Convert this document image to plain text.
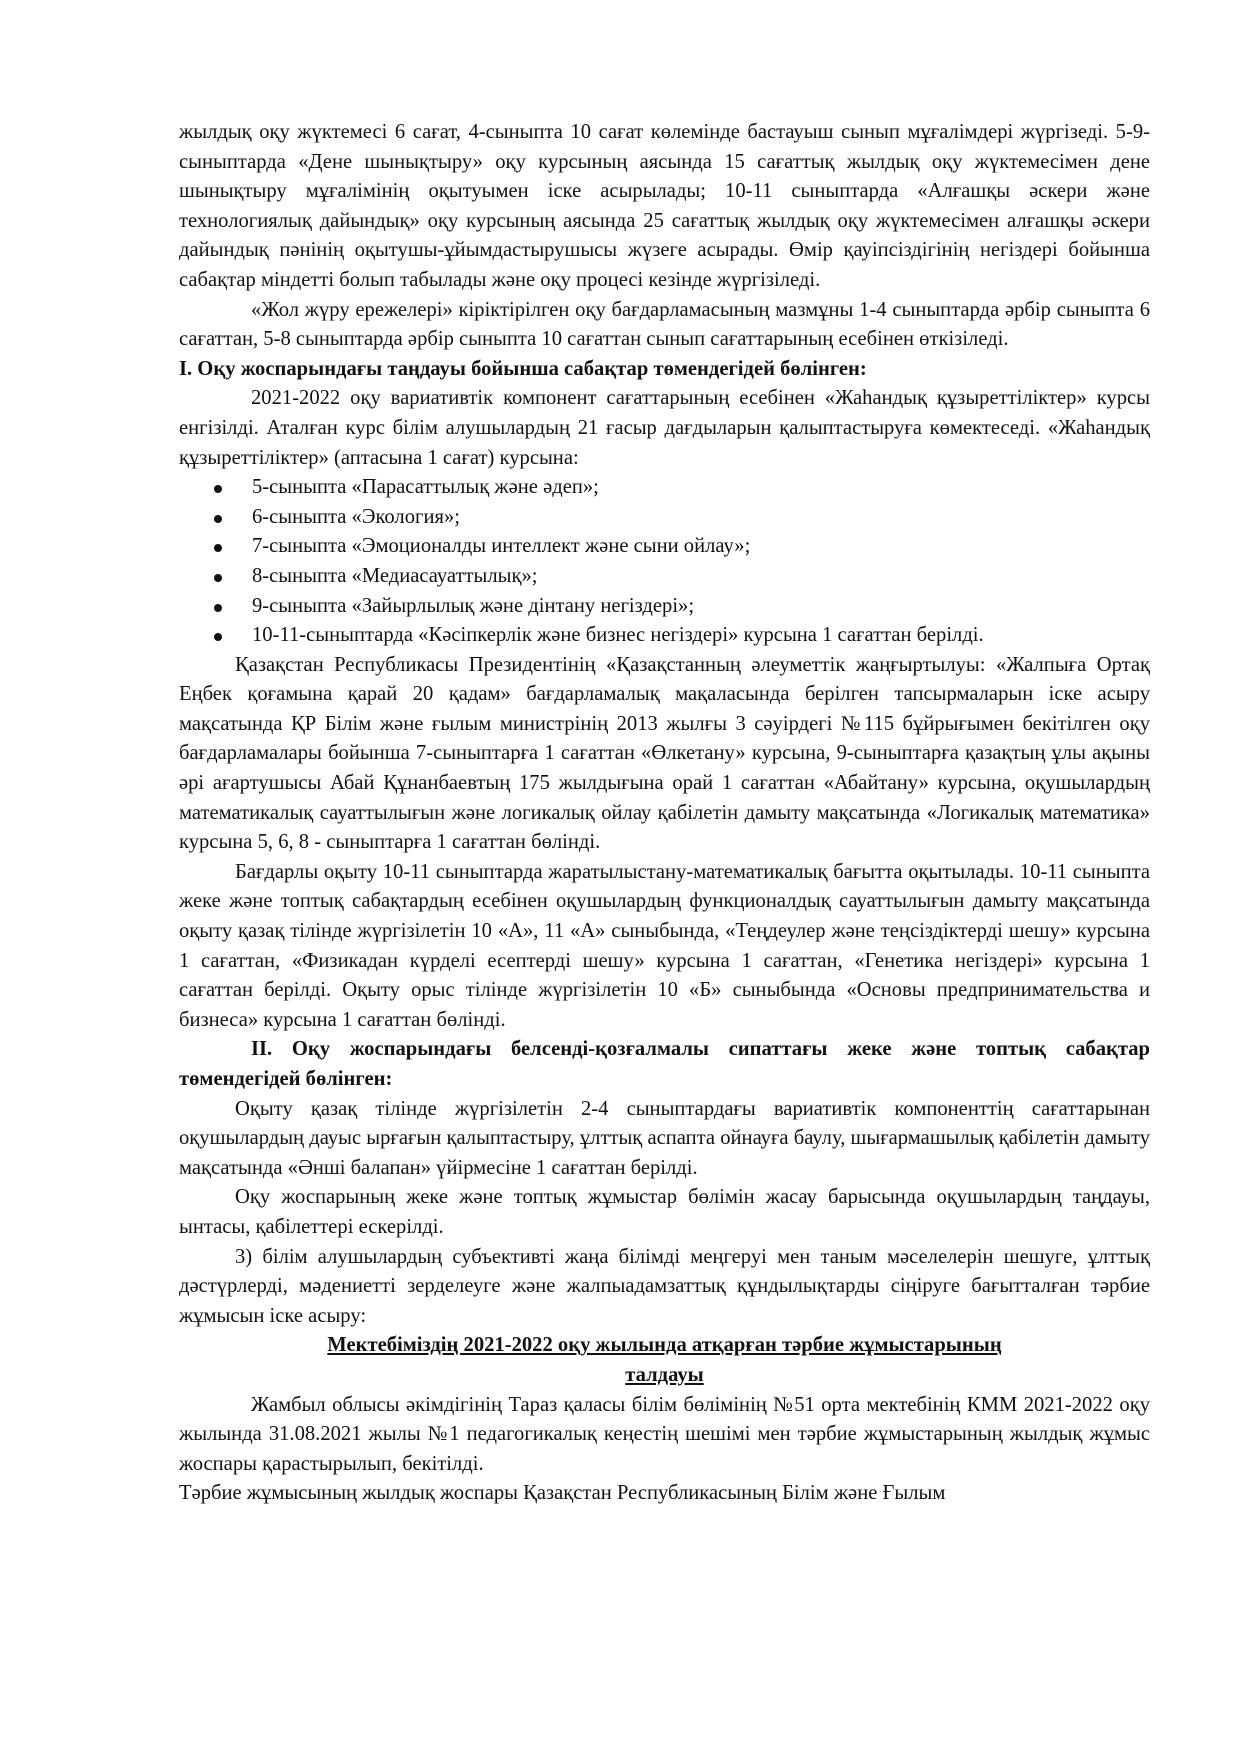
жылдық оқу жүктемесі 6 сағат, 4-сыныпта 10 сағат көлемінде бастауыш сынып мұғалімдері жүргізеді. 5-9-сыныптарда «Дене шынықтыру» оқу курсының аясында 15 сағаттық жылдық оқу жүктемесімен дене шынықтыру мұғалімінің оқытуымен іске асырылады; 10-11 сыныптарда «Алғашқы әскери және технологиялық дайындық» оқу курсының аясында 25 сағаттық жылдық оқу жүктемесімен алғашқы әскери дайындық пәнінің оқытушы-ұйымдастырушысы жүзеге асырады. Өмір қауіпсіздігінің негіздері бойынша сабақтар міндетті болып табылады және оқу процесі кезінде жүргізіледі.

«Жол жүру ережелері» кіріктірілген оқу бағдарламасының мазмұны 1-4 сыныптарда әрбір сыныпта 6 сағаттан, 5-8 сыныптарда әрбір сыныпта 10 сағаттан сынып сағаттарының есебінен өткізіледі.

І. Оқу жоспарындағы таңдауы бойынша сабақтар төмендегідей бөлінген:

2021-2022 оқу вариативтік компонент сағаттарының есебінен «Жаһандық құзыреттіліктер» курсы енгізілді. Аталған курс білім алушылардың 21 ғасыр дағдыларын қалыптастыруға көмектеседі. «Жаһандық құзыреттіліктер» (аптасына 1 сағат) курсына:

5-сыныпта «Парасаттылық және әдеп»;
6-сыныпта «Экология»;
7-сыныпта «Эмоционалды интеллект және сыни ойлау»;
8-сыныпта «Медиасауаттылық»;
9-сыныпта «Зайырлылық және дінтану негіздері»;
10-11-сыныптарда «Кәсіпкерлік және бизнес негіздері» курсына 1 сағаттан берілді.

Қазақстан Республикасы Президентінің «Қазақстанның әлеуметтік жаңғыртылуы: «Жалпыға Ортақ Еңбек қоғамына қарай 20 қадам» бағдарламалық мақаласында берілген тапсырмаларын іске асыру мақсатында ҚР Білім және ғылым министрінің 2013 жылғы 3 сәуірдегі №115 бұйрығымен бекітілген оқу бағдарламалары бойынша 7-сыныптарға 1 сағаттан «Өлкетану» курсына, 9-сыныптарға қазақтың ұлы ақыны әрі ағартушысы Абай Құнанбаевтың 175 жылдығына орай 1 сағаттан «Абайтану» курсына, оқушылардың математикалық сауаттылығын және логикалық ойлау қабілетін дамыту мақсатында «Логикалық математика» курсына 5, 6, 8 - сыныптарға 1 сағаттан бөлінді.

Бағдарлы оқыту 10-11 сыныптарда жаратылыстану-математикалық бағытта оқытылады. 10-11 сыныпта жеке және топтық сабақтардың есебінен оқушылардың функционалдық сауаттылығын дамыту мақсатында оқыту қазақ тілінде жүргізілетін 10 «А», 11 «А» сыныбында, «Теңдеулер және теңсіздіктерді шешу» курсына 1 сағаттан, «Физикадан күрделі есептерді шешу» курсына 1 сағаттан, «Генетика негіздері» курсына 1 сағаттан берілді. Оқыту орыс тілінде жүргізілетін 10 «Б» сыныбында «Основы предпринимательства и бизнеса» курсына 1 сағаттан бөлінді.

ІІ. Оқу жоспарындағы белсенді-қозғалмалы сипаттағы жеке және топтық сабақтар төмендегідей бөлінген:

Оқыту қазақ тілінде жүргізілетін 2-4 сыныптардағы вариативтік компоненттің сағаттарынан оқушылардың дауыс ырғағын қалыптастыру, ұлттық аспапта ойнауға баулу, шығармашылық қабілетін дамыту мақсатында «Әнші балапан» үйірмесіне 1 сағаттан берілді.

Оқу жоспарының жеке және топтық жұмыстар бөлімін жасау барысында оқушылардың таңдауы, ынтасы, қабілеттері ескерілді.

3) білім алушылардың субъективті жаңа білімді меңгеруі мен таным мәселелерін шешуге, ұлттық дәстүрлерді, мәдениетті зерделеуге және жалпыадамзаттық құндылықтарды сіңіруге бағытталған тәрбие жұмысын іске асыру:

Мектебіміздің 2021-2022 оқу жылында атқарған тәрбие жұмыстарының
талдауы

Жамбыл облысы әкімдігінің Тараз қаласы білім бөлімінің №51 орта мектебінің КММ 2021-2022 оқу жылында 31.08.2021 жылы №1 педагогикалық кеңестің шешімі мен тәрбие жұмыстарының жылдық жұмыс жоспары қарастырылып, бекітілді.

Тәрбие жұмысының жылдық жоспары Қазақстан Республикасының Білім және Ғылым
